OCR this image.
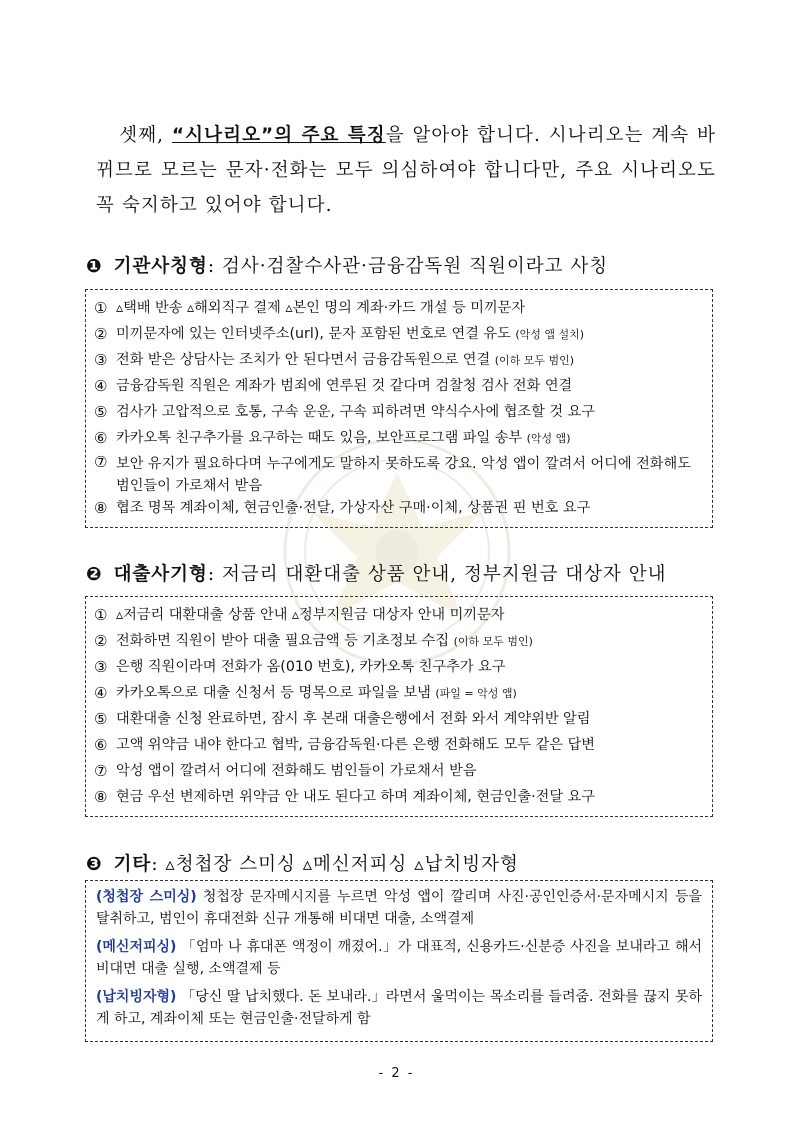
셋째, “시나리오”의 주요 특징을 알아야 합니다. 시나리오는 계속 바뀌므로 모르는 문자·전화는 모두 의심하여야 합니다만, 주요 시나리오도 꼭 숙지하고 있어야 합니다.
❶ 기관사칭형: 검사·검찰수사관·금융감독원 직원이라고 사칭
① ▵택배 반송 ▵해외직구 결제 ▵본인 명의 계좌·카드 개설 등 미끼문자
② 미끼문자에 있는 인터넷주소(url), 문자 포함된 번호로 연결 유도 (악성 앱 설치)
③ 전화 받은 상담사는 조치가 안 된다면서 금융감독원으로 연결 (이하 모두 범인)
④ 금융감독원 직원은 계좌가 범죄에 연루된 것 같다며 검찰청 검사 전화 연결
⑤ 검사가 고압적으로 호통, 구속 운운, 구속 피하려면 약식수사에 협조할 것 요구
⑥ 카카오톡 친구추가를 요구하는 때도 있음, 보안프로그램 파일 송부 (악성 앱)
⑦ 보안 유지가 필요하다며 누구에게도 말하지 못하도록 강요. 악성 앱이 깔려서 어디에 전화해도 범인들이 가로채서 받음
⑧ 협조 명목 계좌이체, 현금인출·전달, 가상자산 구매·이체, 상품권 핀 번호 요구
❷ 대출사기형: 저금리 대환대출 상품 안내, 정부지원금 대상자 안내
① ▵저금리 대환대출 상품 안내 ▵정부지원금 대상자 안내 미끼문자
② 전화하면 직원이 받아 대출 필요금액 등 기초정보 수집 (이하 모두 범인)
③ 은행 직원이라며 전화가 옴(010 번호), 카카오톡 친구추가 요구
④ 카카오톡으로 대출 신청서 등 명목으로 파일을 보냄 (파일 = 악성 앱)
⑤ 대환대출 신청 완료하면, 잠시 후 본래 대출은행에서 전화 와서 계약위반 알림
⑥ 고액 위약금 내야 한다고 협박, 금융감독원·다른 은행 전화해도 모두 같은 답변
⑦ 악성 앱이 깔려서 어디에 전화해도 범인들이 가로채서 받음
⑧ 현금 우선 변제하면 위약금 안 내도 된다고 하며 계좌이체, 현금인출·전달 요구
❸ 기타: ▵청첩장 스미싱 ▵메신저피싱 ▵납치빙자형
(청첩장 스미싱) 청첩장 문자메시지를 누르면 악성 앱이 깔리며 사진·공인인증서·문자메시지 등을 탈취하고, 범인이 휴대전화 신규 개통해 비대면 대출, 소액결제
(메신저피싱) 「엄마 나 휴대폰 액정이 깨졌어.」가 대표적, 신용카드·신분증 사진을 보내라고 해서 비대면 대출 실행, 소액결제 등
(납치빙자형) 「당신 딸 납치했다. 돈 보내라.」라면서 울먹이는 목소리를 들려줌. 전화를 끊지 못하게 하고, 계좌이체 또는 현금인출·전달하게 함
- 2 -
